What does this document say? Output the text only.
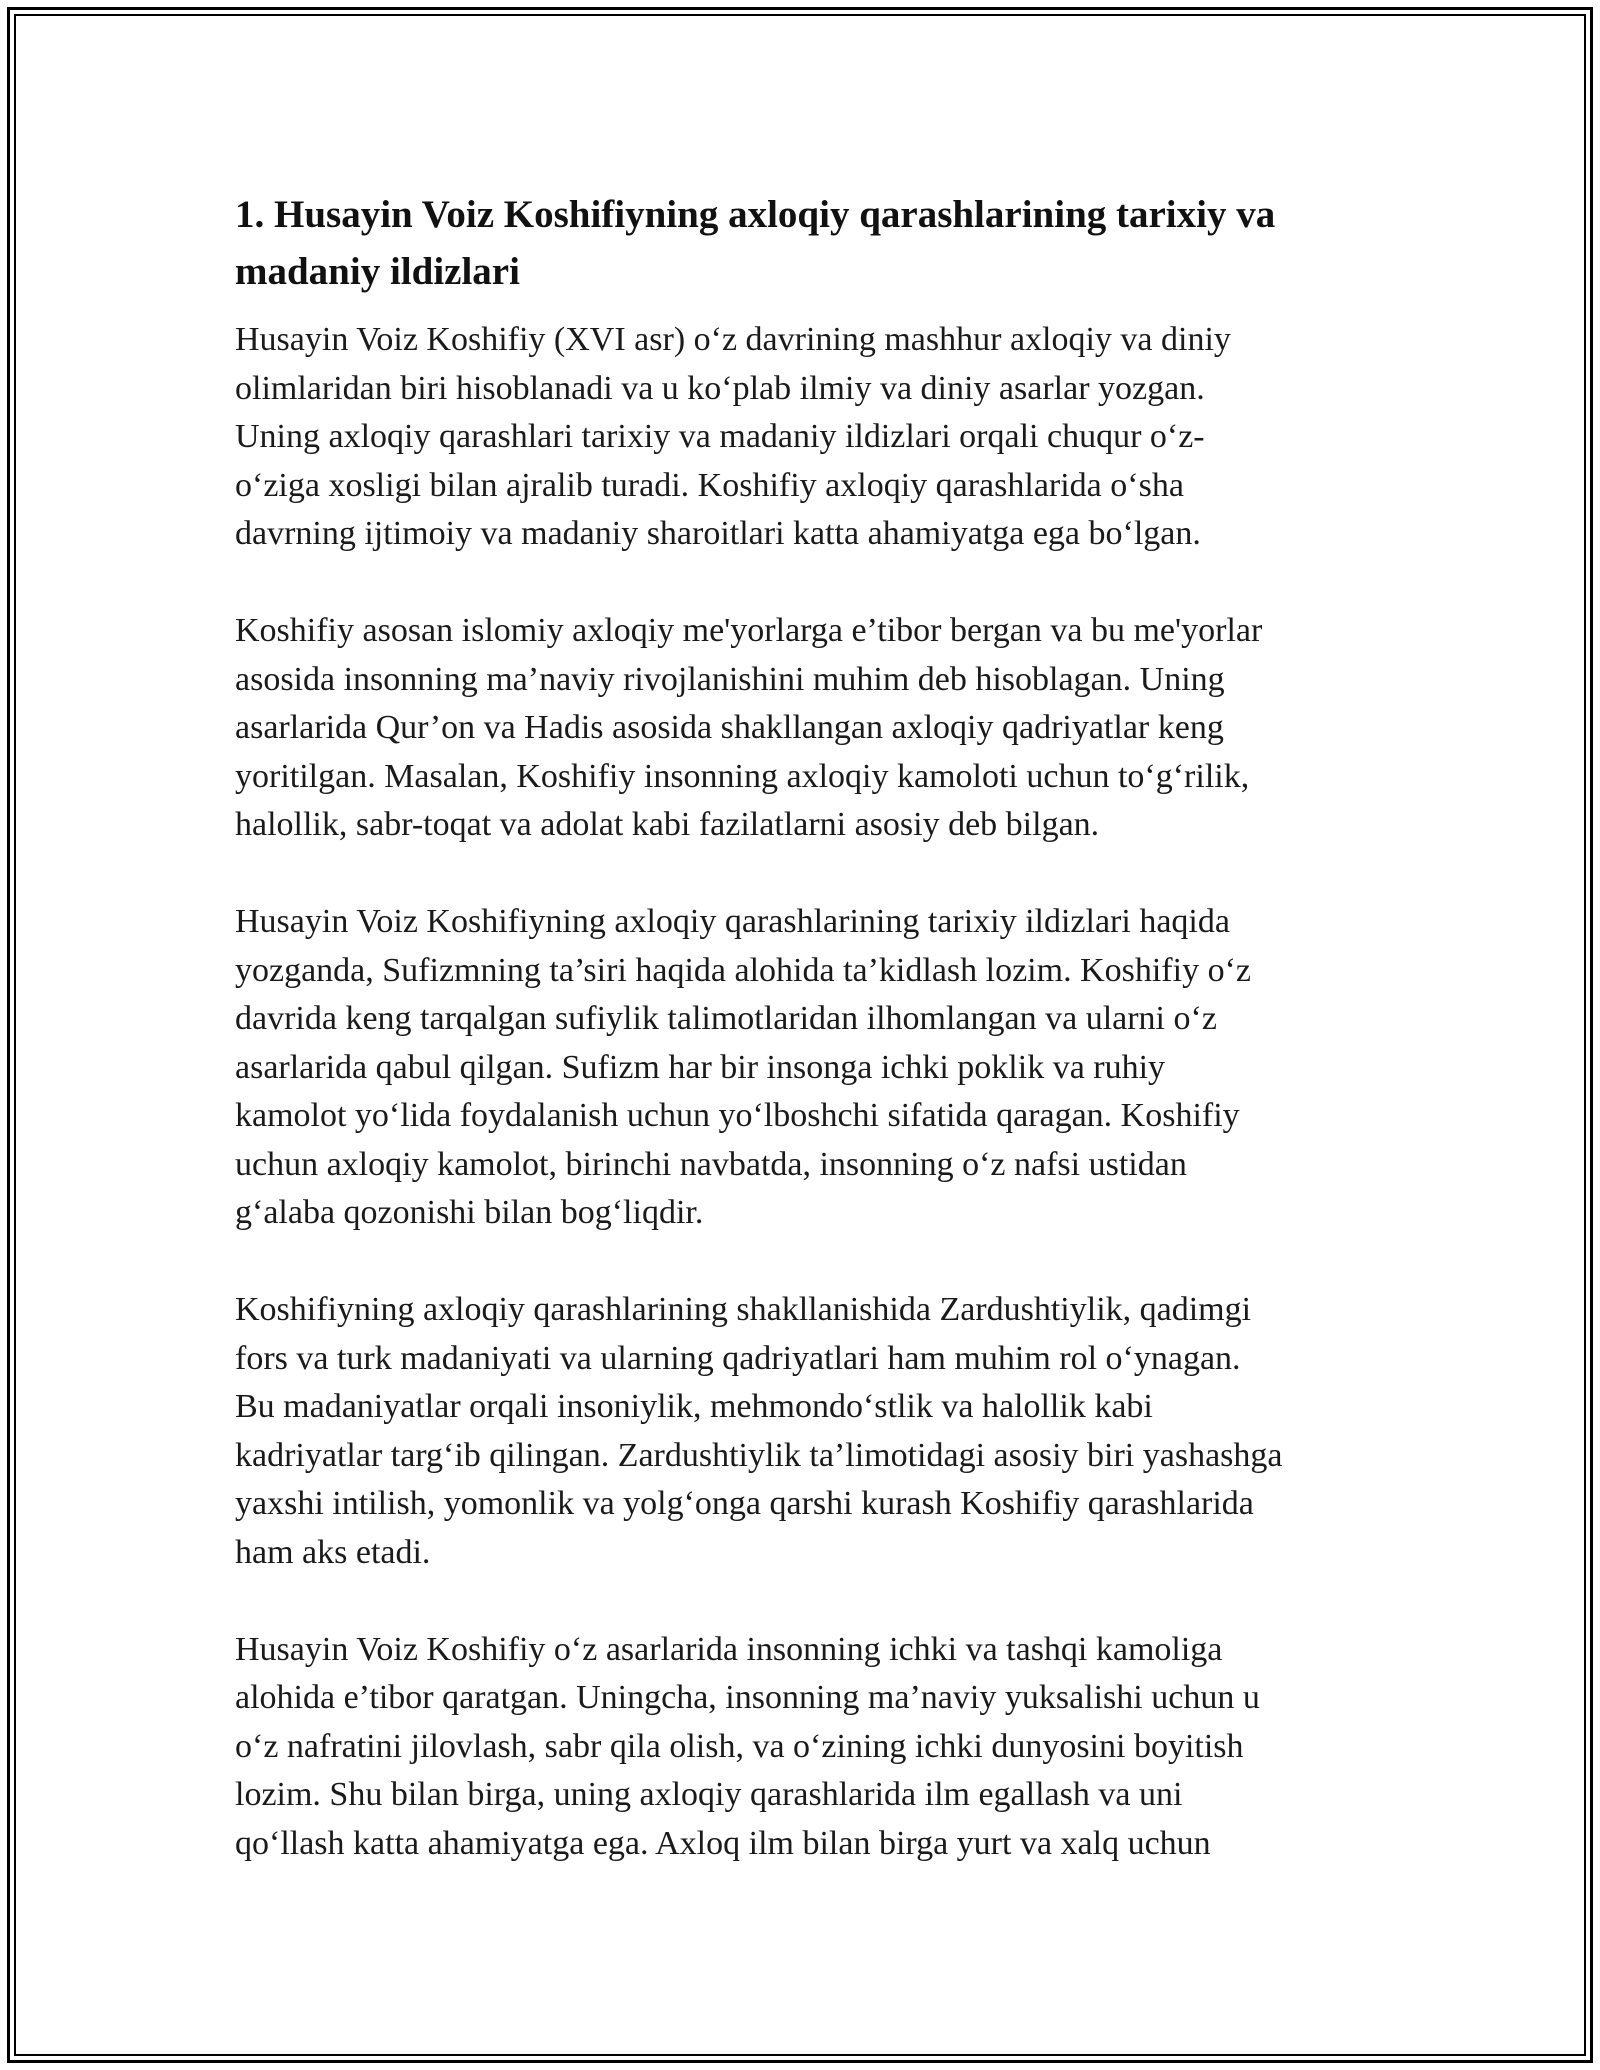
1. Husayin Voiz Koshifiyning axloqiy qarashlarining tarixiy va
madaniy ildizlari

Husayin Voiz Koshifiy (XVI asr) o‘z davrining mashhur axloqiy va diniy
olimlaridan biri hisoblanadi va u ko‘plab ilmiy va diniy asarlar yozgan.
Uning axloqiy qarashlari tarixiy va madaniy ildizlari orqali chuqur o‘z-
o‘ziga xosligi bilan ajralib turadi. Koshifiy axloqiy qarashlarida o‘sha
davrning ijtimoiy va madaniy sharoitlari katta ahamiyatga ega bo‘lgan.

Koshifiy asosan islomiy axloqiy me'yorlarga e’tibor bergan va bu me'yorlar
asosida insonning ma’naviy rivojlanishini muhim deb hisoblagan. Uning
asarlarida Qur’on va Hadis asosida shakllangan axloqiy qadriyatlar keng
yoritilgan. Masalan, Koshifiy insonning axloqiy kamoloti uchun to‘g‘rilik,
halollik, sabr-toqat va adolat kabi fazilatlarni asosiy deb bilgan.

Husayin Voiz Koshifiyning axloqiy qarashlarining tarixiy ildizlari haqida
yozganda, Sufizmning ta’siri haqida alohida ta’kidlash lozim. Koshifiy o‘z
davrida keng tarqalgan sufiylik talimotlaridan ilhomlangan va ularni o‘z
asarlarida qabul qilgan. Sufizm har bir insonga ichki poklik va ruhiy
kamolot yo‘lida foydalanish uchun yo‘lboshchi sifatida qaragan. Koshifiy
uchun axloqiy kamolot, birinchi navbatda, insonning o‘z nafsi ustidan
g‘alaba qozonishi bilan bog‘liqdir.

Koshifiyning axloqiy qarashlarining shakllanishida Zardushtiylik, qadimgi
fors va turk madaniyati va ularning qadriyatlari ham muhim rol o‘ynagan.
Bu madaniyatlar orqali insoniylik, mehmondo‘stlik va halollik kabi
kadriyatlar targ‘ib qilingan. Zardushtiylik ta’limotidagi asosiy biri yashashga
yaxshi intilish, yomonlik va yolg‘onga qarshi kurash Koshifiy qarashlarida
ham aks etadi.

Husayin Voiz Koshifiy o‘z asarlarida insonning ichki va tashqi kamoliga
alohida e’tibor qaratgan. Uningcha, insonning ma’naviy yuksalishi uchun u
o‘z nafratini jilovlash, sabr qila olish, va o‘zining ichki dunyosini boyitish
lozim. Shu bilan birga, uning axloqiy qarashlarida ilm egallash va uni
qo‘llash katta ahamiyatga ega. Axloq ilm bilan birga yurt va xalq uchun
